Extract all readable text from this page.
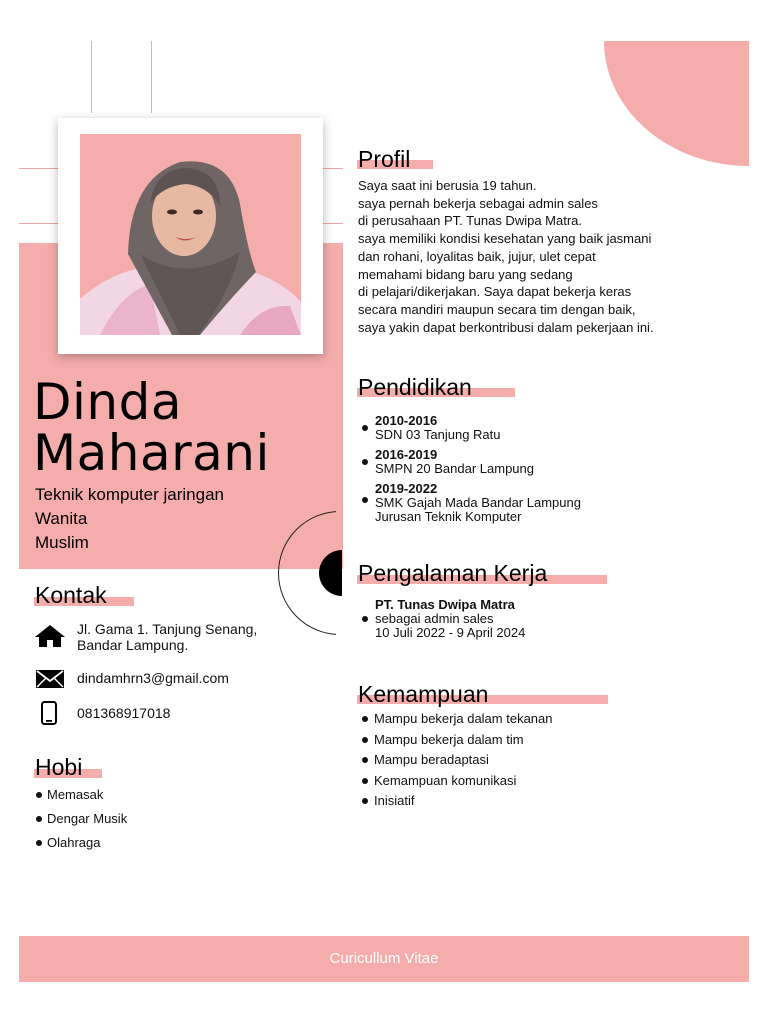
Dinda
Maharani
Teknik komputer jaringan
Wanita
Muslim
Profil
Saya saat ini berusia 19 tahun.
saya pernah bekerja sebagai admin sales
di perusahaan PT. Tunas Dwipa Matra.
saya memiliki kondisi kesehatan yang baik jasmani
dan rohani, loyalitas baik, jujur, ulet cepat
memahami bidang baru yang sedang
di pelajari/dikerjakan. Saya dapat bekerja keras
secara mandiri maupun secara tim dengan baik,
saya yakin dapat berkontribusi dalam pekerjaan ini.
Pendidikan
2010-2016
SDN 03 Tanjung Ratu
2016-2019
SMPN 20 Bandar Lampung
2019-2022
SMK Gajah Mada Bandar Lampung
Jurusan Teknik Komputer
Pengalaman Kerja
PT. Tunas Dwipa Matra
sebagai admin sales
10 Juli 2022 - 9 April 2024
Kemampuan
Mampu bekerja dalam tekanan
Mampu bekerja dalam tim
Mampu beradaptasi
Kemampuan komunikasi
Inisiatif
Kontak
Jl. Gama 1. Tanjung Senang,
Bandar Lampung.
dindamhrn3@gmail.com
081368917018
Hobi
Memasak
Dengar Musik
Olahraga
Curicullum Vitae
